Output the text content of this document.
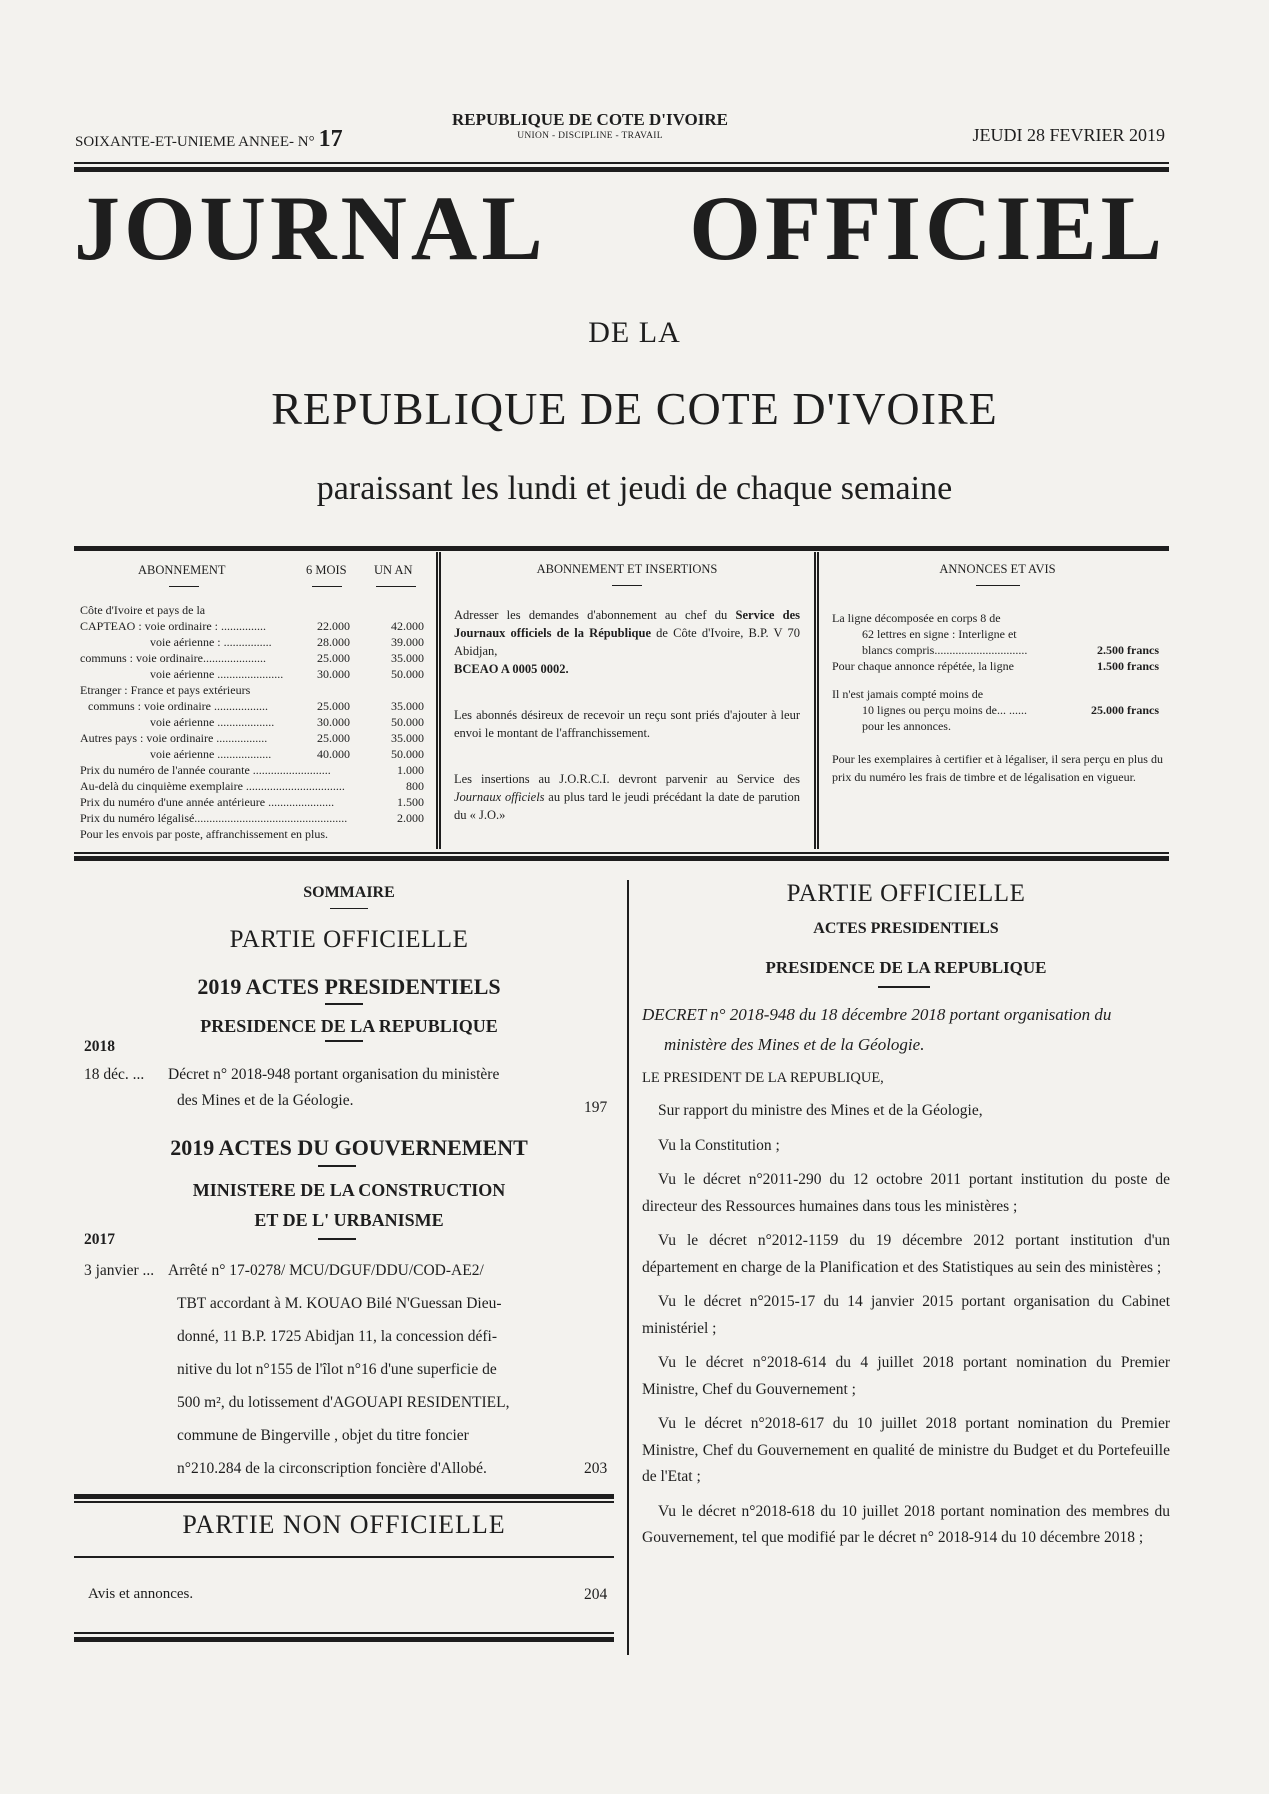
SOIXANTE-ET-UNIEME ANNEE- N° 17
REPUBLIQUE DE COTE D'IVOIRE
UNION - DISCIPLINE - TRAVAIL	JEUDI 28 FEVRIER 2019
JOURNAL OFFICIEL
DE LA
REPUBLIQUE DE COTE D'IVOIRE
paraissant les lundi et jeudi de chaque semaine
ABONNEMENT	6 MOIS UN AN
Côte d'Ivoire et pays de la
CAPTEAO : voie ordinaire : ...............	22.000	42.000
voie aérienne : ................	28.000	39.000
communs : voie ordinaire.....................	25.000	35.000
voie aérienne ......................	30.000	50.000
Etranger : France et pays extérieurs
communs : voie ordinaire ..................	25.000	35.000
voie aérienne ...................	30.000	50.000
Autres pays : voie ordinaire .................	25.000	35.000
voie aérienne ..................	40.000	50.000
Prix du numéro de l'année courante ..........................	1.000
Au-delà du cinquième exemplaire .................................	800
Prix du numéro d'une année antérieure ......................	1.500
Prix du numéro légalisé...................................................	2.000
Pour les envois par poste, affranchissement en plus.
ABONNEMENT ET INSERTIONS

Adresser les demandes d'abonnement au chef du Service des Journaux officiels de la République de Côte d'Ivoire, B.P. V 70 Abidjan,
BCEAO A 0005 0002.

Les abonnés désireux de recevoir un reçu sont priés d'ajouter à leur envoi le montant de l'affranchissement.

Les insertions au J.O.R.C.I. devront parvenir au Service des Journaux officiels au plus tard le jeudi précédant la date de parution du « J.O.»

ANNONCES ET AVIS
La ligne décomposée en corps 8 de
62 lettres en signe : Interligne et
blancs compris...............................	2.500 francs
Pour chaque annonce répétée, la ligne	1.500 francs
Il n'est jamais compté moins de
10 lignes ou perçu moins de... ......	25.000 francs
pour les annonces.
Pour les exemplaires à certifier et à légaliser, il sera perçu en plus du prix du numéro les frais de timbre et de légalisation en vigueur.
SOMMAIRE
PARTIE OFFICIELLE
2019 ACTES PRESIDENTIELS
PRESIDENCE DE LA REPUBLIQUE
2018
18 déc. ... Décret n° 2018-948 portant organisation du ministère
des Mines et de la Géologie.	197
2019 ACTES DU GOUVERNEMENT
MINISTERE DE LA CONSTRUCTION
ET DE L' URBANISME
2017
3 janvier ... Arrêté n° 17-0278/ MCU/DGUF/DDU/COD-AE2/
TBT accordant à M. KOUAO Bilé N'Guessan Dieu-
donné, 11 B.P. 1725 Abidjan 11, la concession défi-
nitive du lot n°155 de l'îlot n°16 d'une superficie de
500 m², du lotissement d'AGOUAPI RESIDENTIEL,
commune de Bingerville , objet du titre foncier
n°210.284 de la circonscription foncière d'Allobé.	203
PARTIE NON OFFICIELLE
Avis et annonces.	204
PARTIE OFFICIELLE
ACTES PRESIDENTIELS
PRESIDENCE DE LA REPUBLIQUE
DECRET n° 2018-948 du 18 décembre 2018 portant organisation du ministère des Mines et de la Géologie.
LE PRESIDENT DE LA REPUBLIQUE,

Sur rapport du ministre des Mines et de la Géologie,

Vu la Constitution ;

Vu le décret n°2011-290 du 12 octobre 2011 portant institution du poste de directeur des Ressources humaines dans tous les ministères ;

Vu le décret n°2012-1159 du 19 décembre 2012 portant institution d'un département en charge de la Planification et des Statistiques au sein des ministères ;

Vu le décret n°2015-17 du 14 janvier 2015 portant organisation du Cabinet ministériel ;

Vu le décret n°2018-614 du 4 juillet 2018 portant nomination du Premier Ministre, Chef du Gouvernement ;

Vu le décret n°2018-617 du 10 juillet 2018 portant nomination du Premier Ministre, Chef du Gouvernement en qualité de ministre du Budget et du Portefeuille de l'Etat ;

Vu le décret n°2018-618 du 10 juillet 2018 portant nomination des membres du Gouvernement, tel que modifié par le décret n° 2018-914 du 10 décembre 2018 ;
